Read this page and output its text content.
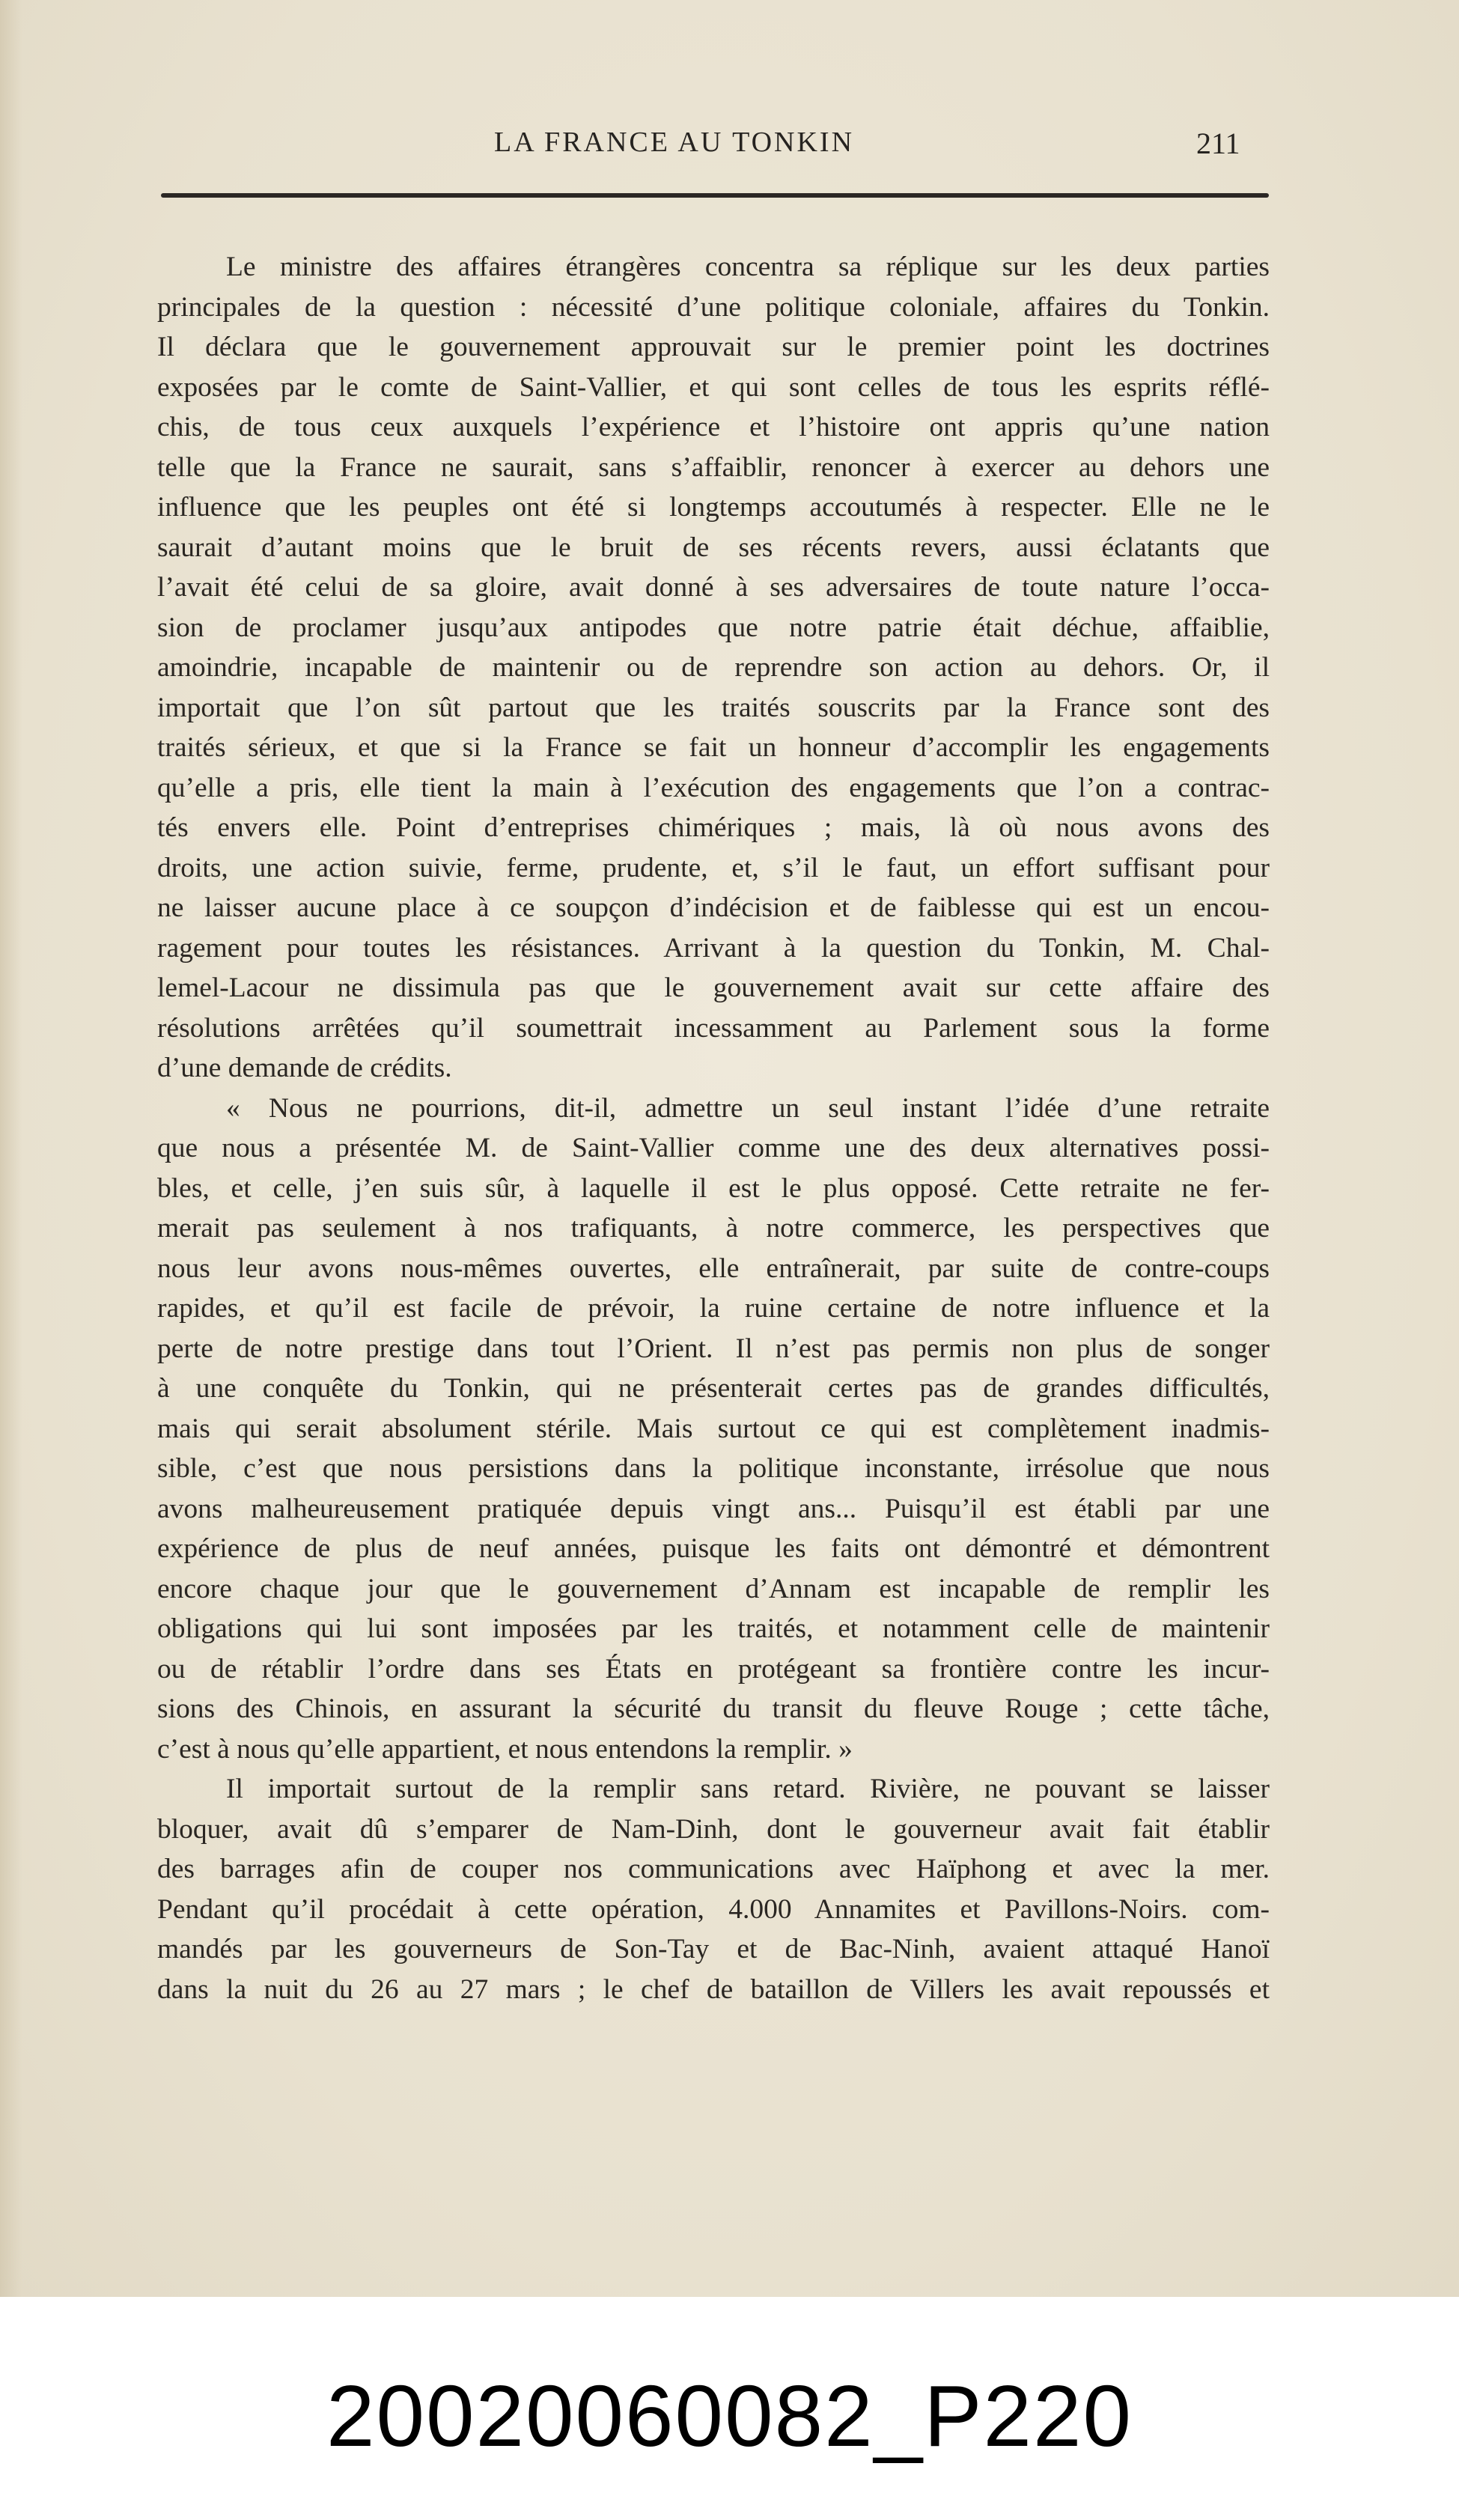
LA FRANCE AU TONKIN	211

Le ministre des affaires étrangères concentra sa réplique sur les deux parties
principales de la question : nécessité d’une politique coloniale, affaires du Tonkin.
Il déclara que le gouvernement approuvait sur le premier point les doctrines
exposées par le comte de Saint-Vallier, et qui sont celles de tous les esprits réflé-
chis, de tous ceux auxquels l’expérience et l’histoire ont appris qu’une nation
telle que la France ne saurait, sans s’affaiblir, renoncer à exercer au dehors une
influence que les peuples ont été si longtemps accoutumés à respecter. Elle ne le
saurait d’autant moins que le bruit de ses récents revers, aussi éclatants que
l’avait été celui de sa gloire, avait donné à ses adversaires de toute nature l’occa-
sion de proclamer jusqu’aux antipodes que notre patrie était déchue, affaiblie,
amoindrie, incapable de maintenir ou de reprendre son action au dehors. Or, il
importait que l’on sût partout que les traités souscrits par la France sont des
traités sérieux, et que si la France se fait un honneur d’accomplir les engagements
qu’elle a pris, elle tient la main à l’exécution des engagements que l’on a contrac-
tés envers elle. Point d’entreprises chimériques ; mais, là où nous avons des
droits, une action suivie, ferme, prudente, et, s’il le faut, un effort suffisant pour
ne laisser aucune place à ce soupçon d’indécision et de faiblesse qui est un encou-
ragement pour toutes les résistances. Arrivant à la question du Tonkin, M. Chal-
lemel-Lacour ne dissimula pas que le gouvernement avait sur cette affaire des
résolutions arrêtées qu’il soumettrait incessamment au Parlement sous la forme
d’une demande de crédits.

« Nous ne pourrions, dit-il, admettre un seul instant l’idée d’une retraite
que nous a présentée M. de Saint-Vallier comme une des deux alternatives possi-
bles, et celle, j’en suis sûr, à laquelle il est le plus opposé. Cette retraite ne fer-
merait pas seulement à nos trafiquants, à notre commerce, les perspectives que
nous leur avons nous-mêmes ouvertes, elle entraînerait, par suite de contre-coups
rapides, et qu’il est facile de prévoir, la ruine certaine de notre influence et la
perte de notre prestige dans tout l’Orient. Il n’est pas permis non plus de songer
à une conquête du Tonkin, qui ne présenterait certes pas de grandes difficultés,
mais qui serait absolument stérile. Mais surtout ce qui est complètement inadmis-
sible, c’est que nous persistions dans la politique inconstante, irrésolue que nous
avons malheureusement pratiquée depuis vingt ans... Puisqu’il est établi par une
expérience de plus de neuf années, puisque les faits ont démontré et démontrent
encore chaque jour que le gouvernement d’Annam est incapable de remplir les
obligations qui lui sont imposées par les traités, et notamment celle de maintenir
ou de rétablir l’ordre dans ses États en protégeant sa frontière contre les incur-
sions des Chinois, en assurant la sécurité du transit du fleuve Rouge ; cette tâche,
c’est à nous qu’elle appartient, et nous entendons la remplir. »

Il importait surtout de la remplir sans retard. Rivière, ne pouvant se laisser
bloquer, avait dû s’emparer de Nam-Dinh, dont le gouverneur avait fait établir
des barrages afin de couper nos communications avec Haïphong et avec la mer.
Pendant qu’il procédait à cette opération, 4.000 Annamites et Pavillons-Noirs. com-
mandés par les gouverneurs de Son-Tay et de Bac-Ninh, avaient attaqué Hanoï
dans la nuit du 26 au 27 mars ; le chef de bataillon de Villers les avait repoussés et

20020060082_P220
